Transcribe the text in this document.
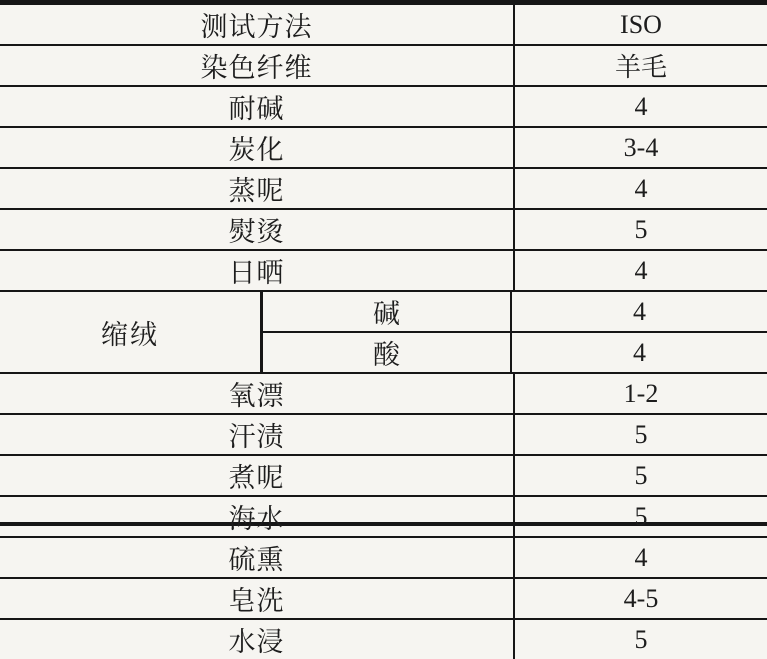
测试方法	ISO
染色纤维	羊毛
耐碱	4
炭化	3-4
蒸呢	4
熨烫	5
日晒	4
缩绒
碱	4
酸	4
氧漂	1-2
汗渍	5
煮呢	5
海水	5
硫熏	4
皂洗	4-5
水浸	5
